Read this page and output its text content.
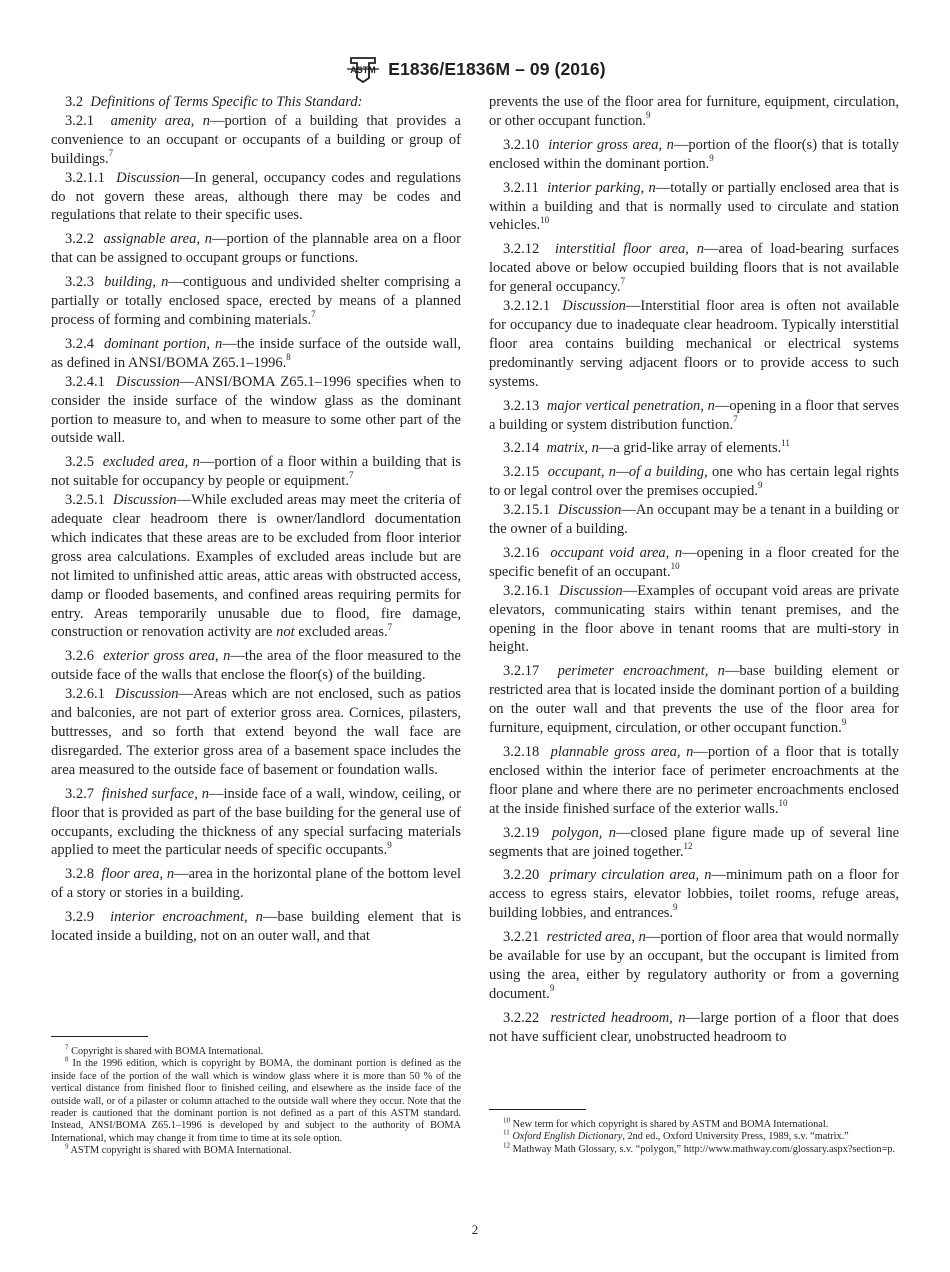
ASTM E1836/E1836M – 09 (2016)

3.2 Definitions of Terms Specific to This Standard:

3.2.1 amenity area, n—portion of a building that provides a convenience to an occupant or occupants of a building or group of buildings.$^7$

3.2.1.1 Discussion—In general, occupancy codes and regulations do not govern these areas, although there may be codes and regulations that relate to their specific uses.

3.2.2 assignable area, n—portion of the plannable area on a floor that can be assigned to occupant groups or functions.

3.2.3 building, n—contiguous and undivided shelter comprising a partially or totally enclosed space, erected by means of a planned process of forming and combining materials.$^7$

3.2.4 dominant portion, n—the inside surface of the outside wall, as defined in ANSI/BOMA Z65.1–1996.$^8$

3.2.4.1 Discussion—ANSI/BOMA Z65.1–1996 specifies when to consider the inside surface of the window glass as the dominant portion to measure to, and when to measure to some other part of the outside wall.

3.2.5 excluded area, n—portion of a floor within a building that is not suitable for occupancy by people or equipment.$^7$

3.2.5.1 Discussion—While excluded areas may meet the criteria of adequate clear headroom there is owner/landlord documentation which indicates that these areas are to be excluded from floor interior gross area calculations. Examples of excluded areas include but are not limited to unfinished attic areas, attic areas with obstructed access, damp or flooded basements, and confined areas requiring permits for entry. Areas temporarily unusable due to flood, fire damage, construction or renovation activity are not excluded areas.$^7$

3.2.6 exterior gross area, n—the area of the floor measured to the outside face of the walls that enclose the floor(s) of the building.

3.2.6.1 Discussion—Areas which are not enclosed, such as patios and balconies, are not part of exterior gross area. Cornices, pilasters, buttresses, and so forth that extend beyond the wall face are disregarded. The exterior gross area of a basement space includes the area measured to the outside face of basement or foundation walls.

3.2.7 finished surface, n—inside face of a wall, window, ceiling, or floor that is provided as part of the base building for the general use of occupants, excluding the thickness of any special surfacing materials applied to meet the particular needs of specific occupants.$^9$

3.2.8 floor area, n—area in the horizontal plane of the bottom level of a story or stories in a building.

3.2.9 interior encroachment, n—base building element that is located inside a building, not on an outer wall, and that

prevents the use of the floor area for furniture, equipment, circulation, or other occupant function.$^9$

3.2.10 interior gross area, n—portion of the floor(s) that is totally enclosed within the dominant portion.$^9$

3.2.11 interior parking, n—totally or partially enclosed area that is within a building and that is normally used to circulate and station vehicles.$^{10}$

3.2.12 interstitial floor area, n—area of load-bearing surfaces located above or below occupied building floors that is not available for general occupancy.$^7$

3.2.12.1 Discussion—Interstitial floor area is often not available for occupancy due to inadequate clear headroom. Typically interstitial floor area contains building mechanical or electrical systems predominantly serving adjacent floors or to provide access to such systems.

3.2.13 major vertical penetration, n—opening in a floor that serves a building or system distribution function.$^7$

3.2.14 matrix, n—a grid-like array of elements.$^{11}$

3.2.15 occupant, n—of a building, one who has certain legal rights to or legal control over the premises occupied.$^9$

3.2.15.1 Discussion—An occupant may be a tenant in a building or the owner of a building.

3.2.16 occupant void area, n—opening in a floor created for the specific benefit of an occupant.$^{10}$

3.2.16.1 Discussion—Examples of occupant void areas are private elevators, communicating stairs within tenant premises, and the opening in the floor above in tenant rooms that are multi-story in height.

3.2.17 perimeter encroachment, n—base building element or restricted area that is located inside the dominant portion of a building on the outer wall and that prevents the use of the floor area for furniture, equipment, circulation, or other occupant function.$^9$

3.2.18 plannable gross area, n—portion of a floor that is totally enclosed within the interior face of perimeter encroachments at the floor plane and where there are no perimeter encroachments enclosed at the inside finished surface of the exterior walls.$^{10}$

3.2.19 polygon, n—closed plane figure made up of several line segments that are joined together.$^{12}$

3.2.20 primary circulation area, n—minimum path on a floor for access to egress stairs, elevator lobbies, toilet rooms, refuge areas, building lobbies, and entrances.$^9$

3.2.21 restricted area, n—portion of floor area that would normally be available for use by an occupant, but the occupant is limited from using the area, either by regulatory authority or from a governing document.$^9$

3.2.22 restricted headroom, n—large portion of a floor that does not have sufficient clear, unobstructed headroom to

$^7$ Copyright is shared with BOMA International.

$^8$ In the 1996 edition, which is copyright by BOMA, the dominant portion is defined as the inside face of the portion of the wall which is window glass where it is more than 50 % of the vertical distance from finished floor to finished ceiling, and elsewhere as the inside face of the outside wall, or of a pilaster or column attached to the outside wall where they occur. Note that the reader is cautioned that the dominant portion is not defined as a part of this ASTM standard. Instead, ANSI/BOMA Z65.1–1996 is developed by and subject to the authority of BOMA International, which may change it from time to time at its sole option.

$^9$ ASTM copyright is shared with BOMA International.

$^{10}$ New term for which copyright is shared by ASTM and BOMA International.

$^{11}$ Oxford English Dictionary, 2nd ed., Oxford University Press, 1989, s.v. “matrix.”

$^{12}$ Mathway Math Glossary, s.v. “polygon,” http://www.mathway.com/glossary.aspx?section=p.

2
